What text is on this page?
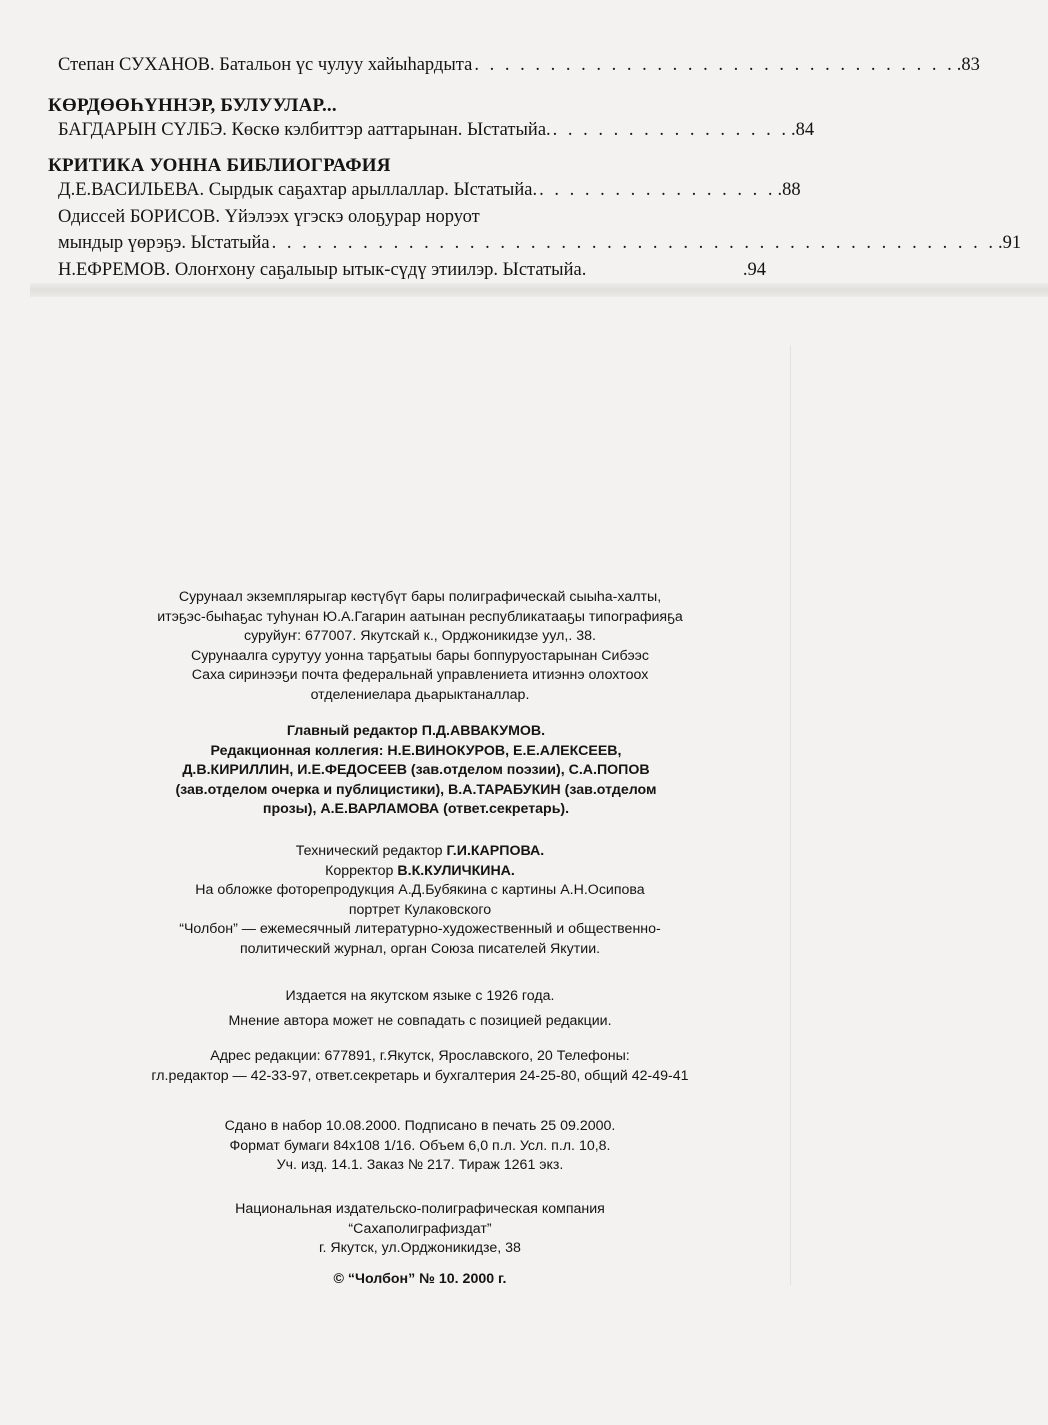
Степан СУХАНОВ. Батальон үс чулуу хайыһардыта . . . . . . . . . . . . . . . . . . . . . . . . . . . . . . . . .83
КӨРДӨӨҺҮННЭР, БУЛУУЛАР...
БАГДАРЫН СҮЛБЭ. Көскө кэлбиттэр ааттарынан. Ыстатыйа. . . . . . . . . . . . . . . . . .84
КРИТИКА УОННА БИБЛИОГРАФИЯ
Д.Е.ВАСИЛЬЕВА. Сырдык саҕахтар арыллаллар. Ыстатыйа. . . . . . . . . . . . . . . . . .88
Одиссей БОРИСОВ. Үйэлээх үгэскэ олоҕурар норуот
мындыр үөрэҕэ. Ыстатыйа . . . . . . . . . . . . . . . . . . . . . . . . . . . . . . . . . . . . . . . . . . . . . . . . .91
Н.ЕФРЕМОВ. Олоҥхону саҕалыыр ытык-сүдү этиилэр. Ыстатыйа.	.94

Сурунаал экземплярыгар көстүбүт бары полиграфическай сыыһа-халты,

итэҕэс-быһаҕас туһунан Ю.А.Гагарин аатынан республикатааҕы типографияҕа

суруйуҥ: 677007. Якутскай к., Орджоникидзе уул,. 38.

Сурунаалга сурутуу уонна тарҕатыы бары боппуруостарынан Сибээс

Саха сиринээҕи почта федеральнай управлениета итиэннэ олохтоох

отделениелара дьарыктаналлар.

Главный редактор П.Д.АВВАКУМОВ.

Редакционная коллегия: Н.Е.ВИНОКУРОВ, Е.Е.АЛЕКСЕЕВ,

Д.В.КИРИЛЛИН, И.Е.ФЕДОСЕЕВ (зав.отделом поэзии), С.А.ПОПОВ

(зав.отделом очерка и публицистики), В.А.ТАРАБУКИН (зав.отделом

прозы), А.Е.ВАРЛАМОВА (ответ.секретарь).

Технический редактор Г.И.КАРПОВА.

Корректор В.К.КУЛИЧКИНА.

На обложке фоторепродукция А.Д.Бубякина с картины А.Н.Осипова

портрет Кулаковского

“Чолбон” — ежемесячный литературно-художественный и общественно-

политический журнал, орган Союза писателей Якутии.

Издается на якутском языке с 1926 года.
Мнение автора может не совпадать с позицией редакции.

Адрес редакции: 677891, г.Якутск, Ярославского, 20 Телефоны:

гл.редактор — 42-33-97, ответ.секретарь и бухгалтерия 24-25-80, общий 42-49-41

Сдано в набор 10.08.2000. Подписано в печать 25 09.2000.

Формат бумаги 84х108 1/16. Объем 6,0 п.л. Усл. п.л. 10,8.

Уч. изд. 14.1. Заказ № 217. Тираж 1261 экз.

Национальная издательско-полиграфическая компания

“Сахаполиграфиздат”

г. Якутск, ул.Орджоникидзе, 38

© “Чолбон” № 10. 2000 г.
